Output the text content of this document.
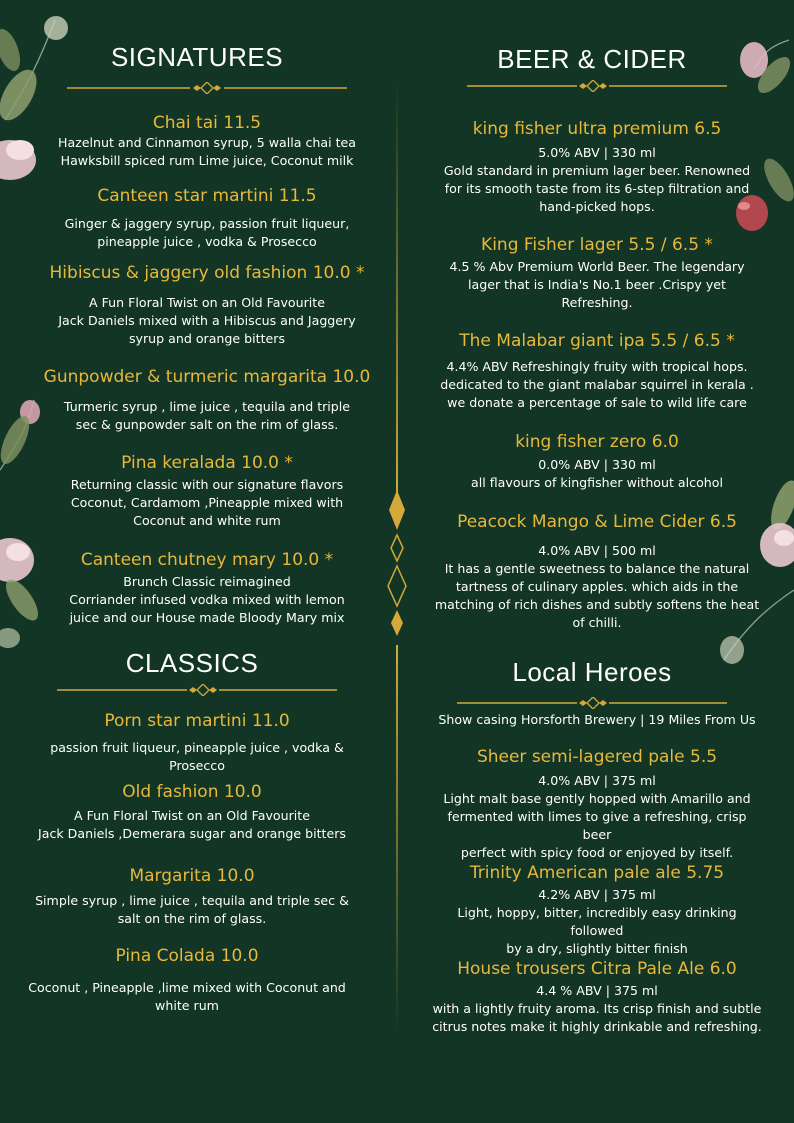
SIGNATURES
Chai tai 11.5
Hazelnut and Cinnamon syrup, 5 walla chai tea
Hawksbill spiced rum Lime juice, Coconut milk
Canteen star martini 11.5
Ginger & jaggery syrup, passion fruit liqueur,
pineapple juice , vodka & Prosecco
Hibiscus & jaggery old fashion 10.0 *
A Fun Floral Twist on an Old Favourite
Jack Daniels mixed with a Hibiscus and Jaggery
syrup and orange bitters
Gunpowder & turmeric margarita 10.0
Turmeric syrup , lime juice , tequila and triple
sec & gunpowder salt on the rim of glass.
Pina keralada 10.0 *
Returning classic with our signature flavors
Coconut, Cardamom ,Pineapple mixed with
Coconut and white rum
Canteen chutney mary 10.0 *
Brunch Classic reimagined
Corriander infused vodka mixed with lemon
juice and our House made Bloody Mary mix
CLASSICS
Porn star martini 11.0
passion fruit liqueur, pineapple juice , vodka &
Prosecco
Old fashion 10.0
A Fun Floral Twist on an Old Favourite
Jack Daniels ,Demerara sugar and orange bitters
Margarita 10.0
Simple syrup , lime juice , tequila and triple sec &
salt on the rim of glass.
Pina Colada 10.0
Coconut , Pineapple ,lime mixed with Coconut and
white rum
BEER & CIDER
king fisher ultra premium 6.5
5.0% ABV | 330 ml
Gold standard in premium lager beer. Renowned
for its smooth taste from its 6-step filtration and
hand-picked hops.
King Fisher lager 5.5 / 6.5 *
4.5 % Abv Premium World Beer. The legendary
lager that is India's No.1 beer .Crispy yet
Refreshing.
The Malabar giant ipa 5.5 / 6.5 *
4.4% ABV Refreshingly fruity with tropical hops.
dedicated to the giant malabar squirrel in kerala .
we donate a percentage of sale to wild life care
king fisher zero 6.0
0.0% ABV | 330 ml
all flavours of kingfisher without alcohol
Peacock Mango & Lime Cider 6.5
4.0% ABV | 500 ml
It has a gentle sweetness to balance the natural
tartness of culinary apples. which aids in the
matching of rich dishes and subtly softens the heat
of chilli.
Local Heroes
Show casing Horsforth Brewery | 19 Miles From Us
Sheer semi-lagered pale 5.5
4.0% ABV | 375 ml
Light malt base gently hopped with Amarillo and
fermented with limes to give a refreshing, crisp beer
perfect with spicy food or enjoyed by itself.
Trinity American pale ale 5.75
4.2% ABV | 375 ml
Light, hoppy, bitter, incredibly easy drinking followed
by a dry, slightly bitter finish
House trousers Citra Pale Ale 6.0
4.4 % ABV | 375 ml
with a lightly fruity aroma. Its crisp finish and subtle
citrus notes make it highly drinkable and refreshing.
